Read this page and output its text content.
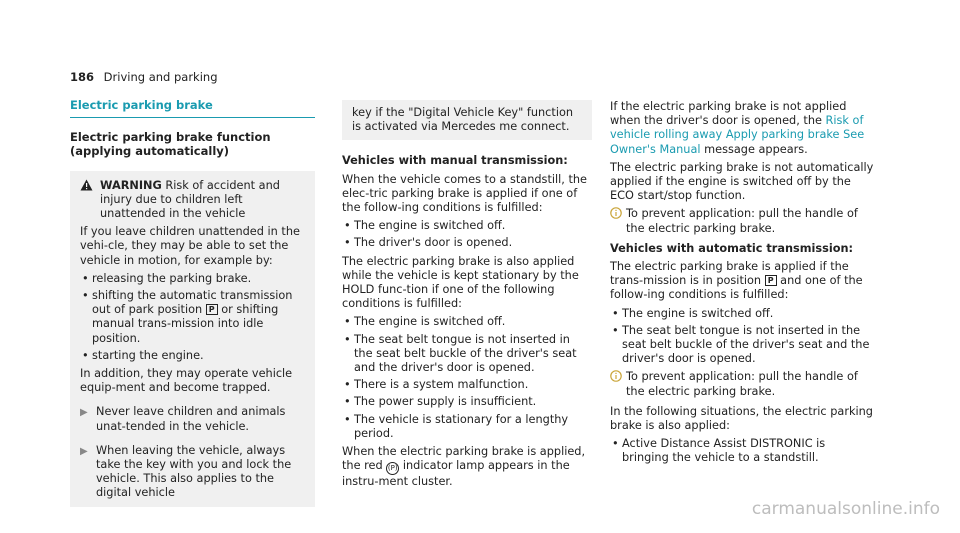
186 Driving and parking
Electric parking brake
Electric parking brake function (applying automatically)

WARNING Risk of accident and injury due to children left unattended in the vehicle

If you leave children unattended in the vehi-cle, they may be able to set the vehicle in motion, for example by:

• releasing the parking brake.
• shifting the automatic transmission out of park position P or shifting manual trans-mission into idle position.
• starting the engine.

In addition, they may operate vehicle equip-ment and become trapped.

▶ Never leave children and animals unat-tended in the vehicle.
▶ When leaving the vehicle, always take the key with you and lock the vehicle. This also applies to the digital vehicle
key if the "Digital Vehicle Key" function is activated via Mercedes me connect.

Vehicles with manual transmission:

When the vehicle comes to a standstill, the elec-tric parking brake is applied if one of the follow-ing conditions is fulfilled:

• The engine is switched off.
• The driver's door is opened.

The electric parking brake is also applied while the vehicle is kept stationary by the HOLD func-tion if one of the following conditions is fulfilled:

• The engine is switched off.
• The seat belt tongue is not inserted in the seat belt buckle of the driver's seat and the driver's door is opened.
• There is a system malfunction.
• The power supply is insufficient.
• The vehicle is stationary for a lengthy period.

When the electric parking brake is applied, the red (P) indicator lamp appears in the instru-ment cluster.

If the electric parking brake is not applied when the driver's door is opened, the Risk of vehicle rolling away Apply parking brake See Owner's Manual message appears.

The electric parking brake is not automatically applied if the engine is switched off by the ECO start/stop function.

To prevent application: pull the handle of the electric parking brake.

Vehicles with automatic transmission:

The electric parking brake is applied if the trans-mission is in position P and one of the follow-ing conditions is fulfilled:

• The engine is switched off.
• The seat belt tongue is not inserted in the seat belt buckle of the driver's seat and the driver's door is opened.
To prevent application: pull the handle of the electric parking brake.

In the following situations, the electric parking brake is also applied:

• Active Distance Assist DISTRONIC is bringing the vehicle to a standstill.
carmanualsonline.info
